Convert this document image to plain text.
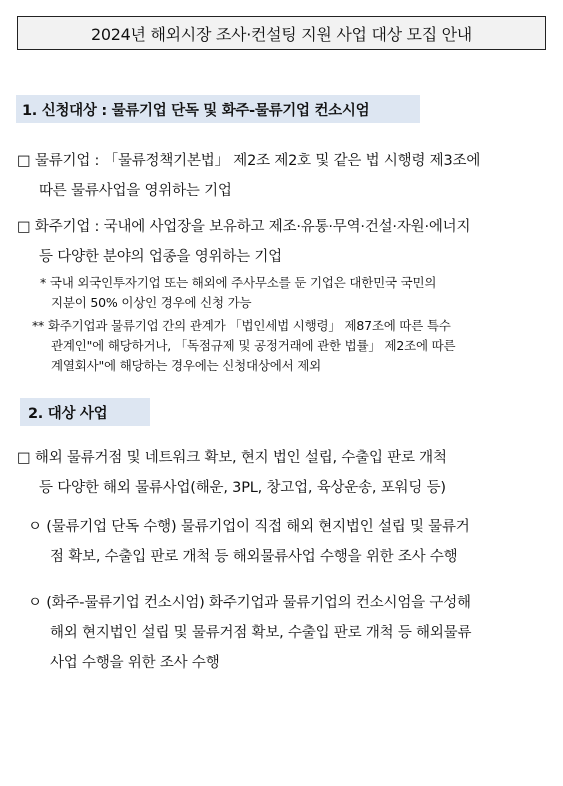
2024년 해외시장 조사·컨설팅 지원 사업 대상 모집 안내
1. 신청대상 : 물류기업 단독 및 화주-물류기업 컨소시엄
□ 물류기업 : 「물류정책기본법」 제2조 제2호 및 같은 법 시행령 제3조에
따른 물류사업을 영위하는 기업
□ 화주기업 : 국내에 사업장을 보유하고 제조·유통·무역·건설·자원·에너지
등 다양한 분야의 업종을 영위하는 기업
* 국내 외국인투자기업 또는 해외에 주사무소를 둔 기업은 대한민국 국민의
지분이 50% 이상인 경우에 신청 가능
** 화주기업과 물류기업 간의 관계가 「법인세법 시행령」 제87조에 따른 특수
관계인"에 해당하거나, 「독점규제 및 공정거래에 관한 법률」 제2조에 따른
계열회사"에 해당하는 경우에는 신청대상에서 제외
2. 대상 사업
□ 해외 물류거점 및 네트워크 확보, 현지 법인 설립, 수출입 판로 개척
등 다양한 해외 물류사업(해운, 3PL, 창고업, 육상운송, 포워딩 등)
ㅇ (물류기업 단독 수행) 물류기업이 직접 해외 현지법인 설립 및 물류거
점 확보, 수출입 판로 개척 등 해외물류사업 수행을 위한 조사 수행
ㅇ (화주-물류기업 컨소시엄) 화주기업과 물류기업의 컨소시엄을 구성해
해외 현지법인 설립 및 물류거점 확보, 수출입 판로 개척 등 해외물류
사업 수행을 위한 조사 수행
